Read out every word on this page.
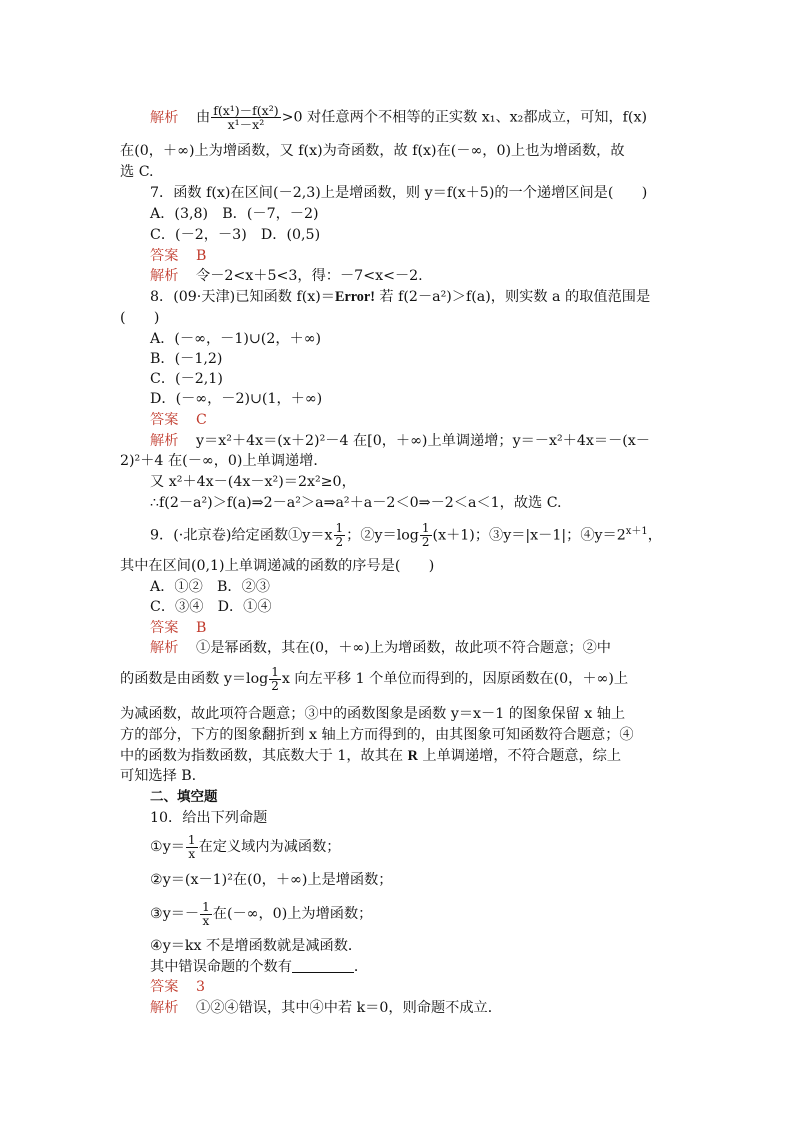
解析 由 $\frac{\text{f(x¹)－f(x²)}}{\text{x¹－x²}} >0$ 对任意两个不相等的正实数 x₁、x₂都成立，可知，f(x)
在(0，＋∞)上为增函数，又 f(x)为奇函数，故 f(x)在(－∞，0)上也为增函数，故
选 C.
7．函数 f(x)在区间(－2,3)上是增函数，则 y＝f(x＋5)的一个递增区间是(　　)
A．(3,8)　B．(－7，－2)
C．(－2，－3)　D．(0,5)
答案 B
解析 令－2<x＋5<3，得：－7<x<－2.
8．(09·天津)已知函数 f(x)＝Error! 若 f(2－a²)＞f(a)，则实数 a 的取值范围是
(　　)
A．(－∞，－1)∪(2，＋∞)
B．(－1,2)
C．(－2,1)
D．(－∞，－2)∪(1，＋∞)
答案 C
解析 y＝x²＋4x＝(x＋2)²－4 在[0，＋∞)上单调递增；y＝－x²＋4x＝－(x－
2)²＋4 在(－∞，0)上单调递增．
又 x²＋4x－(4x－x²)＝2x²≥0，
∴f(2－a²)＞f(a)⇒2－a²＞a⇒a²＋a－2＜0⇒－2＜a＜1，故选 C.
9．(·北京卷)给定函数①y＝x $\frac{1}{2}$ ；②y＝log $\frac{1}{2} (x+1)$；③y＝|x－1|；$④y=2^{x+1}$，
其中在区间(0,1)上单调递减的函数的序号是(　　)
A．①②　B．②③
C．③④　D．①④
答案 B
解析 ①是幂函数，其在(0，＋∞)上为增函数，故此项不符合题意；②中
的函数是由函数 $y=\log \frac{1}{2}$ x 向左平移 1 个单位而得到的，因原函数在(0，＋∞)上
为减函数，故此项符合题意；③中的函数图象是函数 y＝x－1 的图象保留 x 轴上
方的部分，下方的图象翻折到 x 轴上方而得到的，由其图象可知函数符合题意；④
中的函数为指数函数，其底数大于 1，故其在 R 上单调递增，不符合题意，综上
可知选择 B.
二、填空题
10．给出下列命题
①y＝ $\frac{1}{x}$ 在定义域内为减函数；
②y＝(x－1)²在(0，＋∞)上是增函数；
③y＝－ $\frac{1}{x}$ 在(－∞，0)上为增函数；
④y＝kx 不是增函数就是减函数．
其中错误命题的个数有	．
答案 3
解析 ①②④错误，其中④中若 k＝0，则命题不成立．
